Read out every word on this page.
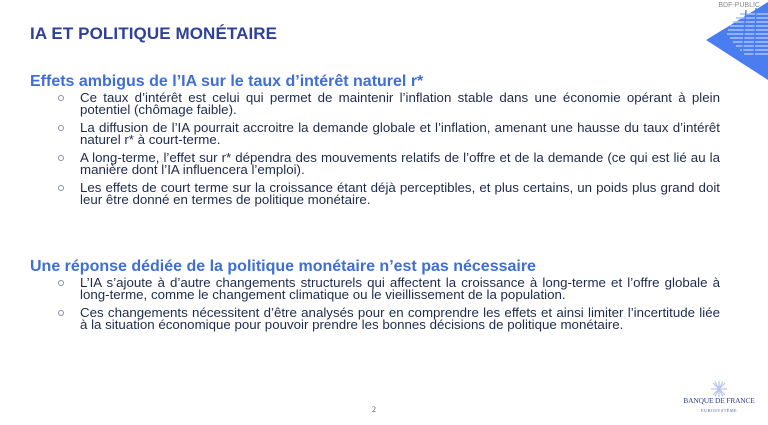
BDF-PUBLIC
IA ET POLITIQUE MONÉTAIRE
Effets ambigus de l’IA sur le taux d’intérêt naturel r*
Ce taux d’intérêt est celui qui permet de maintenir l’inflation stable dans une économie opérant à plein potentiel (chômage faible).
La diffusion de l’IA pourrait accroitre la demande globale et l’inflation, amenant une hausse du taux d’intérêt naturel r* à court-terme.
A long-terme, l’effet sur r* dépendra des mouvements relatifs de l’offre et de la demande (ce qui est lié au la manière dont l’IA influencera l’emploi).
Les effets de court terme sur la croissance étant déjà perceptibles, et plus certains, un poids plus grand doit leur être donné en termes de politique monétaire.
Une réponse dédiée de la politique monétaire n’est pas nécessaire
L’IA s’ajoute à d’autre changements structurels qui affectent la croissance à long-terme et l’offre globale à long-terme, comme le changement climatique ou le vieillissement de la population.
Ces changements nécessitent d’être analysés pour en comprendre les effets et ainsi limiter l’incertitude liée à la situation économique pour pouvoir prendre les bonnes décisions de politique monétaire.
2
BANQUE DE FRANCE
EUROSYSTÈME
